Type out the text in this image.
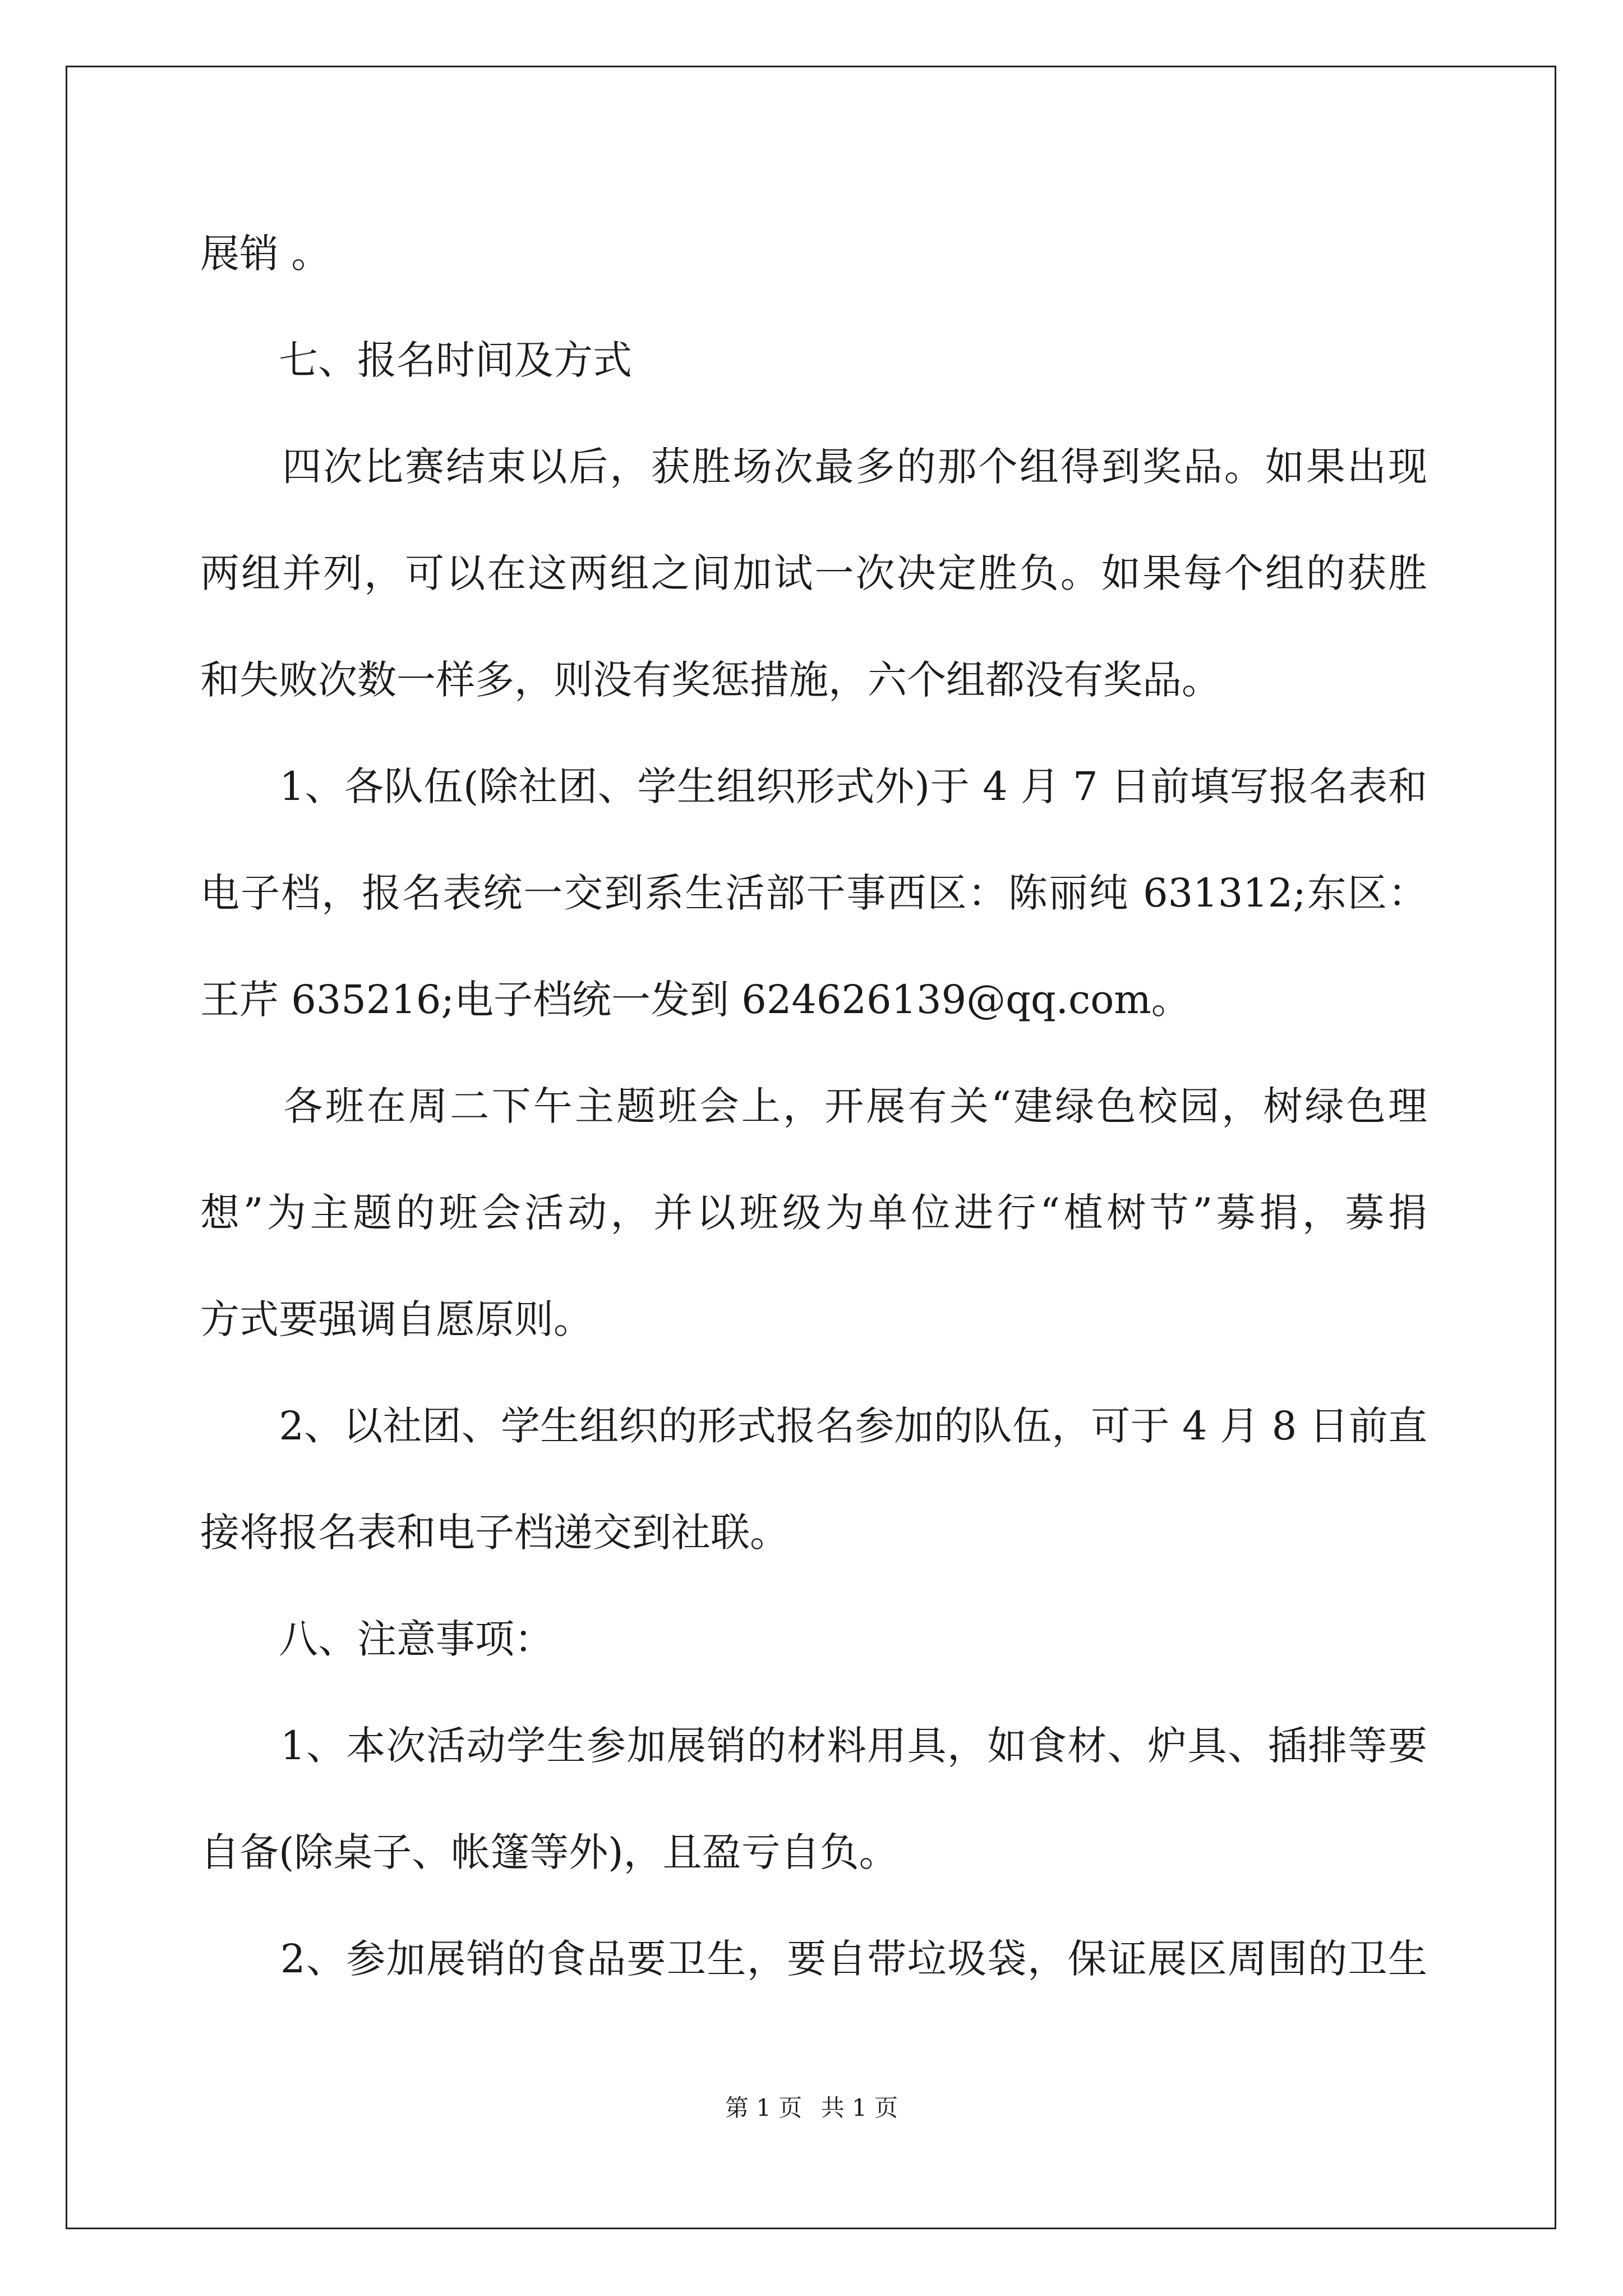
展销 。
　　七、报名时间及方式
　　四次比赛结束以后，获胜场次最多的那个组得到奖品。如果出现
两组并列，可以在这两组之间加试一次决定胜负。如果每个组的获胜
和失败次数一样多，则没有奖惩措施，六个组都没有奖品。
　　1、各队伍(除社团、学生组织形式外)于 4 月 7 日前填写报名表和
电子档，报名表统一交到系生活部干事西区：陈丽纯 631312;东区：
王芹 635216;电子档统一发到 624626139@qq.com。
　　各班在周二下午主题班会上，开展有关“建绿色校园，树绿色理
想”为主题的班会活动，并以班级为单位进行“植树节”募捐，募捐
方式要强调自愿原则。
　　2、以社团、学生组织的形式报名参加的队伍，可于 4 月 8 日前直
接将报名表和电子档递交到社联。
　　八、注意事项：
　　1、本次活动学生参加展销的材料用具，如食材、炉具、插排等要
自备(除桌子、帐篷等外)，且盈亏自负。
　　2、参加展销的食品要卫生，要自带垃圾袋，保证展区周围的卫生
第 1 页 共 1 页
